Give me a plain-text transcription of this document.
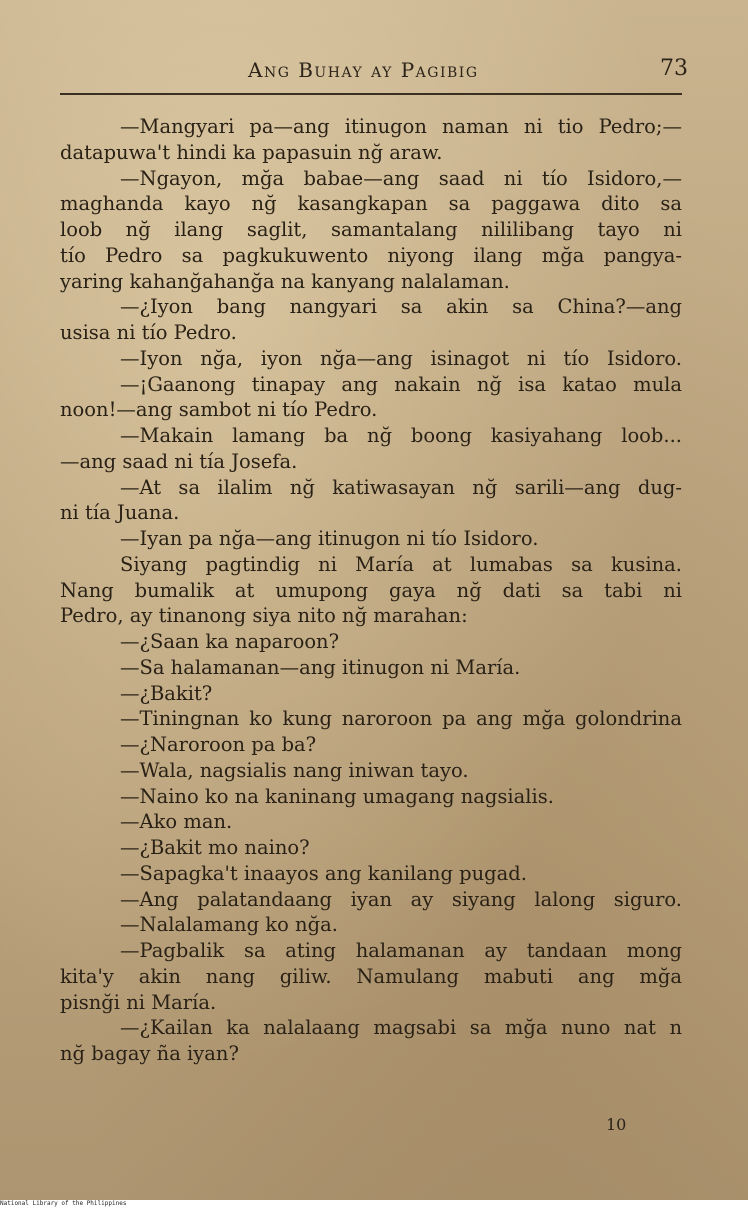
Ang Buhay ay Pagibig	73
—Mangyari pa—ang itinugon naman ni tio Pedro;—
datapuwa't hindi ka papasuin nğ araw.
—Ngayon, mğa babae—ang saad ni tío Isidoro,—
maghanda kayo nğ kasangkapan sa paggawa dito sa
loob nğ ilang saglit, samantalang nililibang tayo ni
tío Pedro sa pagkukuwento niyong ilang mğa pangya-
yaring kahanğahanğa na kanyang nalalaman.
—¿Iyon bang nangyari sa akin sa China?—ang
usisa ni tío Pedro.
—Iyon nğa, iyon nğa—ang isinagot ni tío Isidoro.
—¡Gaanong tinapay ang nakain nğ isa katao mula
noon!—ang sambot ni tío Pedro.
—Makain lamang ba nğ boong kasiyahang loob...
—ang saad ni tía Josefa.
—At sa ilalim nğ katiwasayan nğ sarili—ang dug-
ni tía Juana.
—Iyan pa nğa—ang itinugon ni tío Isidoro.
Siyang pagtindig ni María at lumabas sa kusina.
Nang bumalik at umupong gaya nğ dati sa tabi ni
Pedro, ay tinanong siya nito nğ marahan:
—¿Saan ka naparoon?
—Sa halamanan—ang itinugon ni María.
—¿Bakit?
—Tiningnan ko kung naroroon pa ang mğa golondrina
—¿Naroroon pa ba?
—Wala, nagsialis nang iniwan tayo.
—Naino ko na kaninang umagang nagsialis.
—Ako man.
—¿Bakit mo naino?
—Sapagka't inaayos ang kanilang pugad.
—Ang palatandaang iyan ay siyang lalong siguro.
—Nalalamang ko nğa.
—Pagbalik sa ating halamanan ay tandaan mong
kita'y akin nang giliw. Namulang mabuti ang mğa
pisnği ni María.
—¿Kailan ka nalalaang magsabi sa mğa nuno nat n
nğ bagay ña iyan?
10
National Library of the Philippines
